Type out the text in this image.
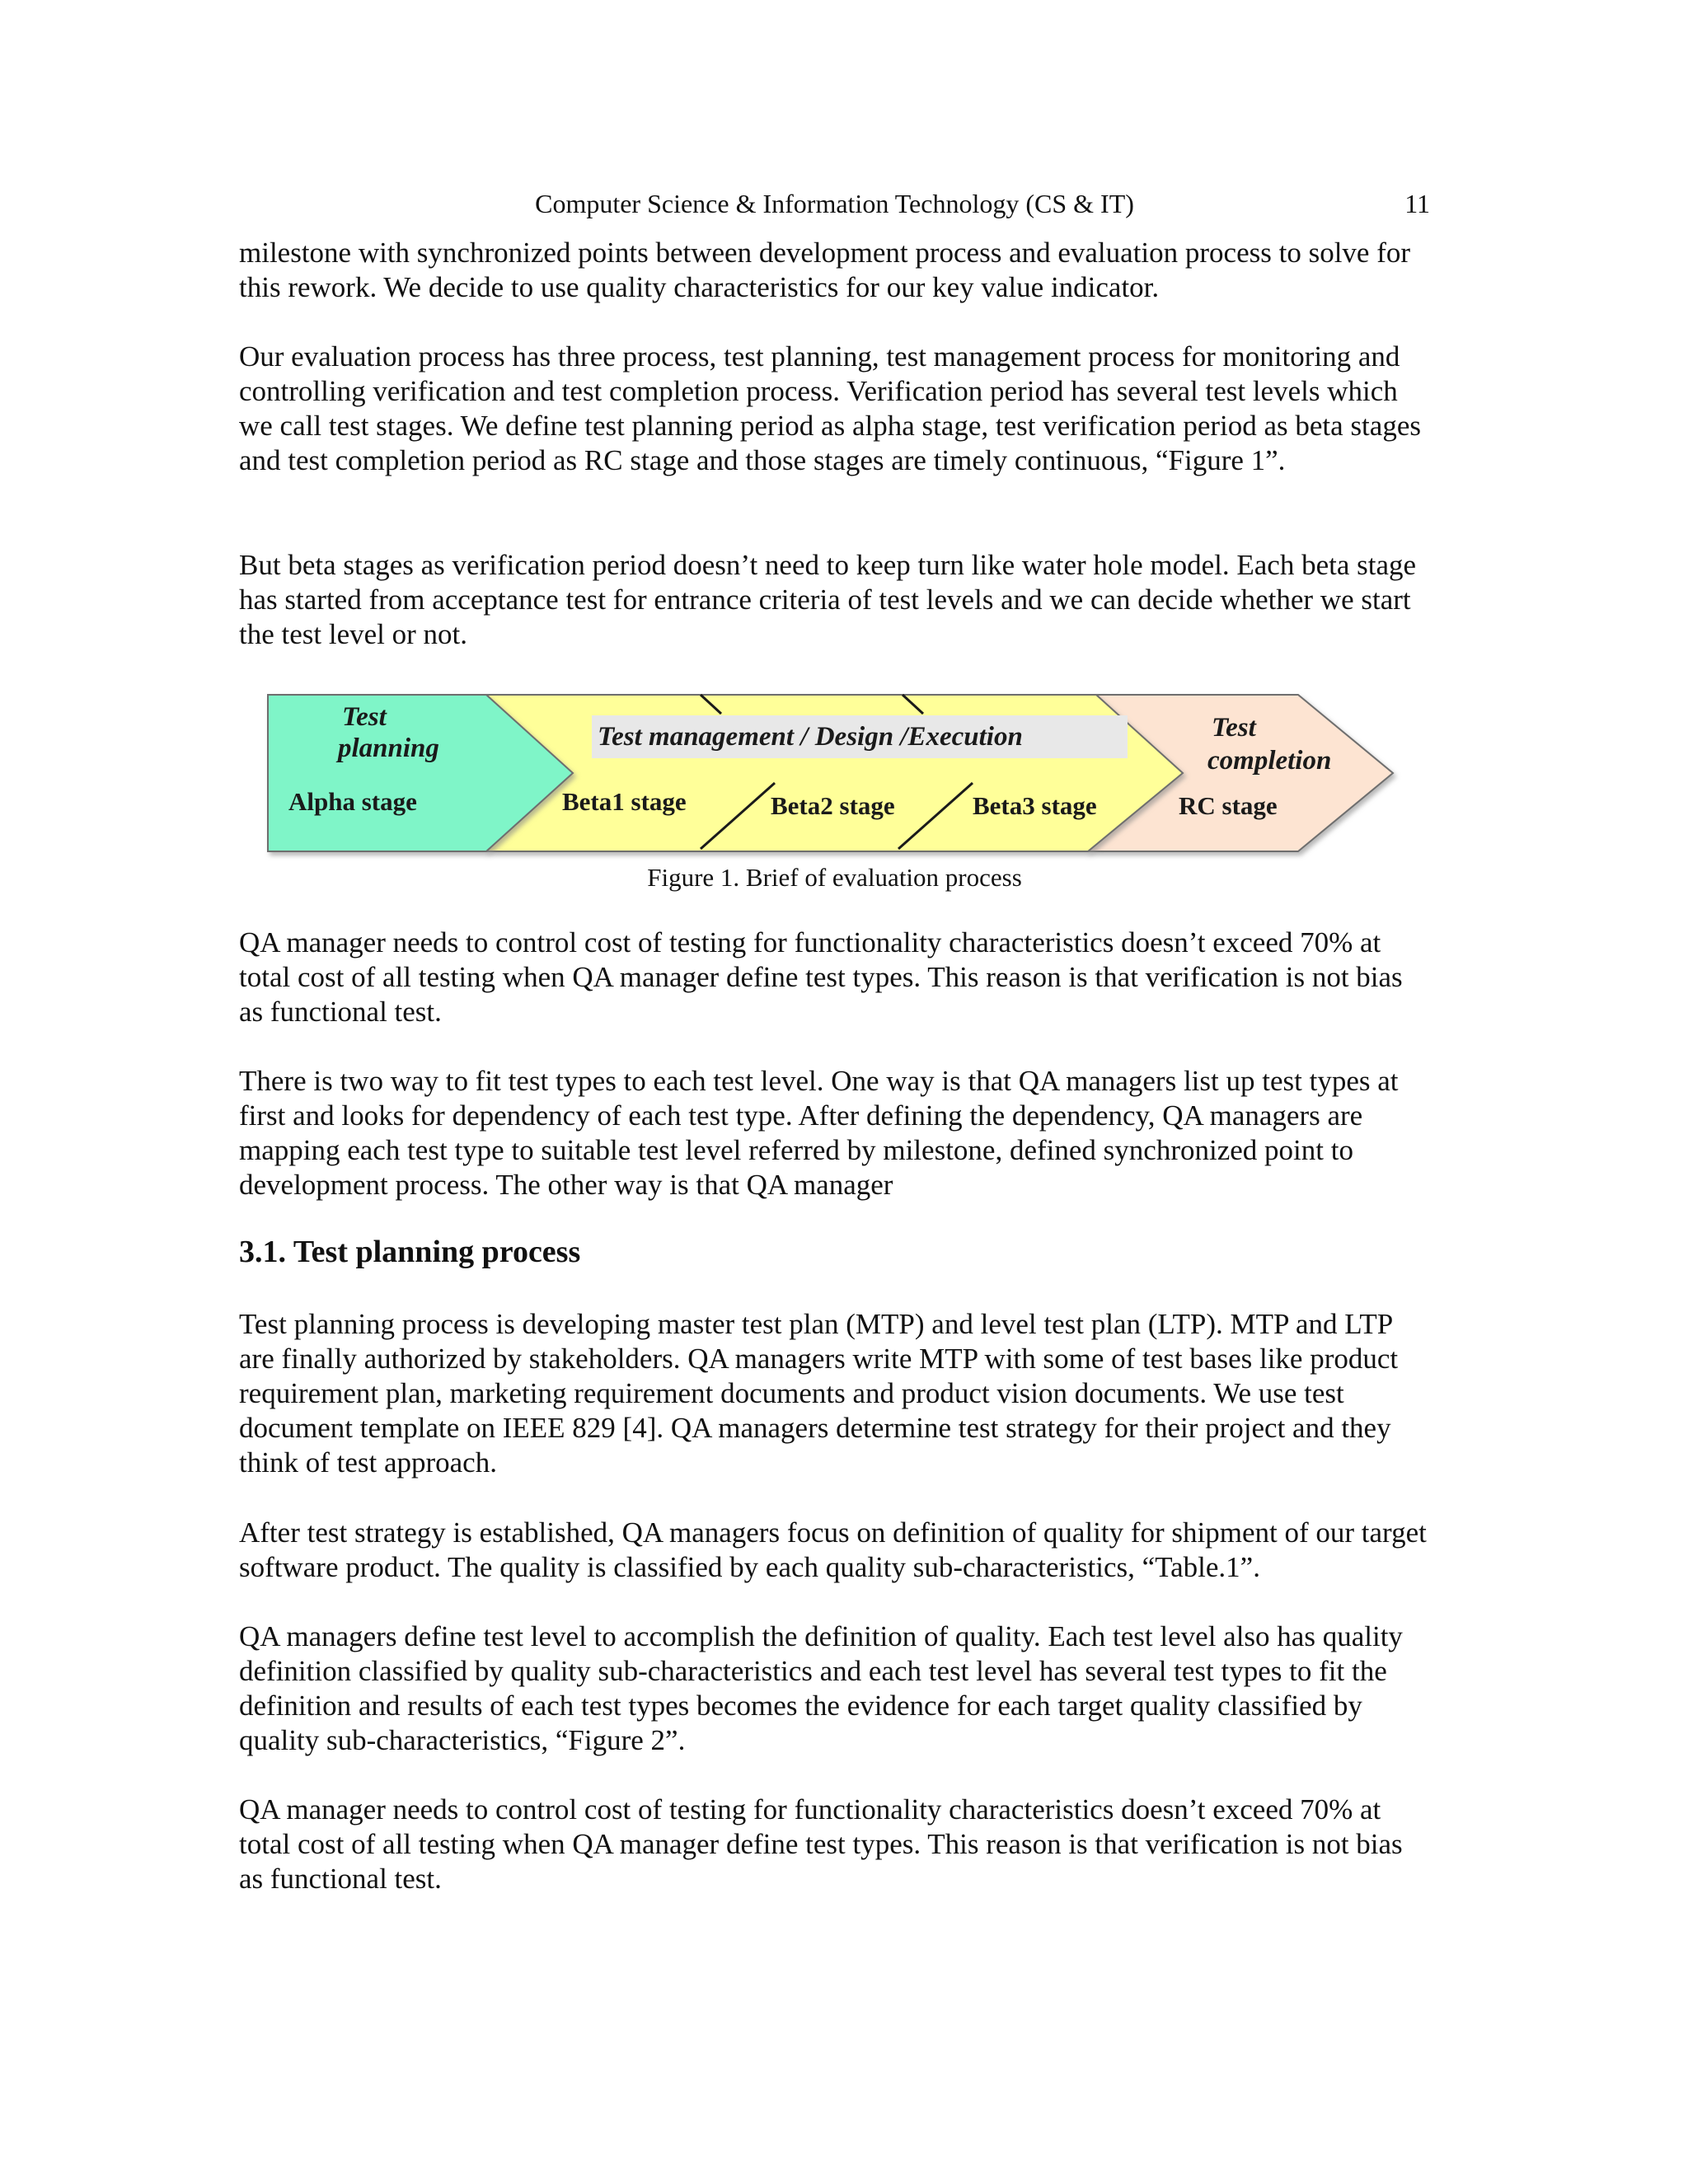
Computer Science & Information Technology (CS & IT)	11

milestone with synchronized points between development process and evaluation process to solve for this rework. We decide to use quality characteristics for our key value indicator.

Our evaluation process has three process, test planning, test management process for monitoring and controlling verification and test completion process. Verification period has several test levels which we call test stages. We define test planning period as alpha stage, test verification period as beta stages and test completion period as RC stage and those stages are timely continuous, “Figure 1”.

But beta stages as verification period doesn’t need to keep turn like water hole model. Each beta stage has started from acceptance test for entrance criteria of test levels and we can decide whether we start the test level or not.

Test
planning
Alpha stage
Test management / Design /Execution
Beta1 stage	Beta2 stage	Beta3 stage
Test
completion
RC stage
Figure 1. Brief of evaluation process

QA manager needs to control cost of testing for functionality characteristics doesn’t exceed 70% at total cost of all testing when QA manager define test types. This reason is that verification is not bias as functional test.

There is two way to fit test types to each test level. One way is that QA managers list up test types at first and looks for dependency of each test type. After defining the dependency, QA managers are mapping each test type to suitable test level referred by milestone, defined synchronized point to development process. The other way is that QA manager

3.1. Test planning process

Test planning process is developing master test plan (MTP) and level test plan (LTP). MTP and LTP are finally authorized by stakeholders. QA managers write MTP with some of test bases like product requirement plan, marketing requirement documents and product vision documents. We use test document template on IEEE 829 [4]. QA managers determine test strategy for their project and they think of test approach.

After test strategy is established, QA managers focus on definition of quality for shipment of our target software product. The quality is classified by each quality sub-characteristics, “Table.1”.

QA managers define test level to accomplish the definition of quality. Each test level also has quality definition classified by quality sub-characteristics and each test level has several test types to fit the definition and results of each test types becomes the evidence for each target quality classified by quality sub-characteristics, “Figure 2”.

QA manager needs to control cost of testing for functionality characteristics doesn’t exceed 70% at total cost of all testing when QA manager define test types. This reason is that verification is not bias as functional test.
